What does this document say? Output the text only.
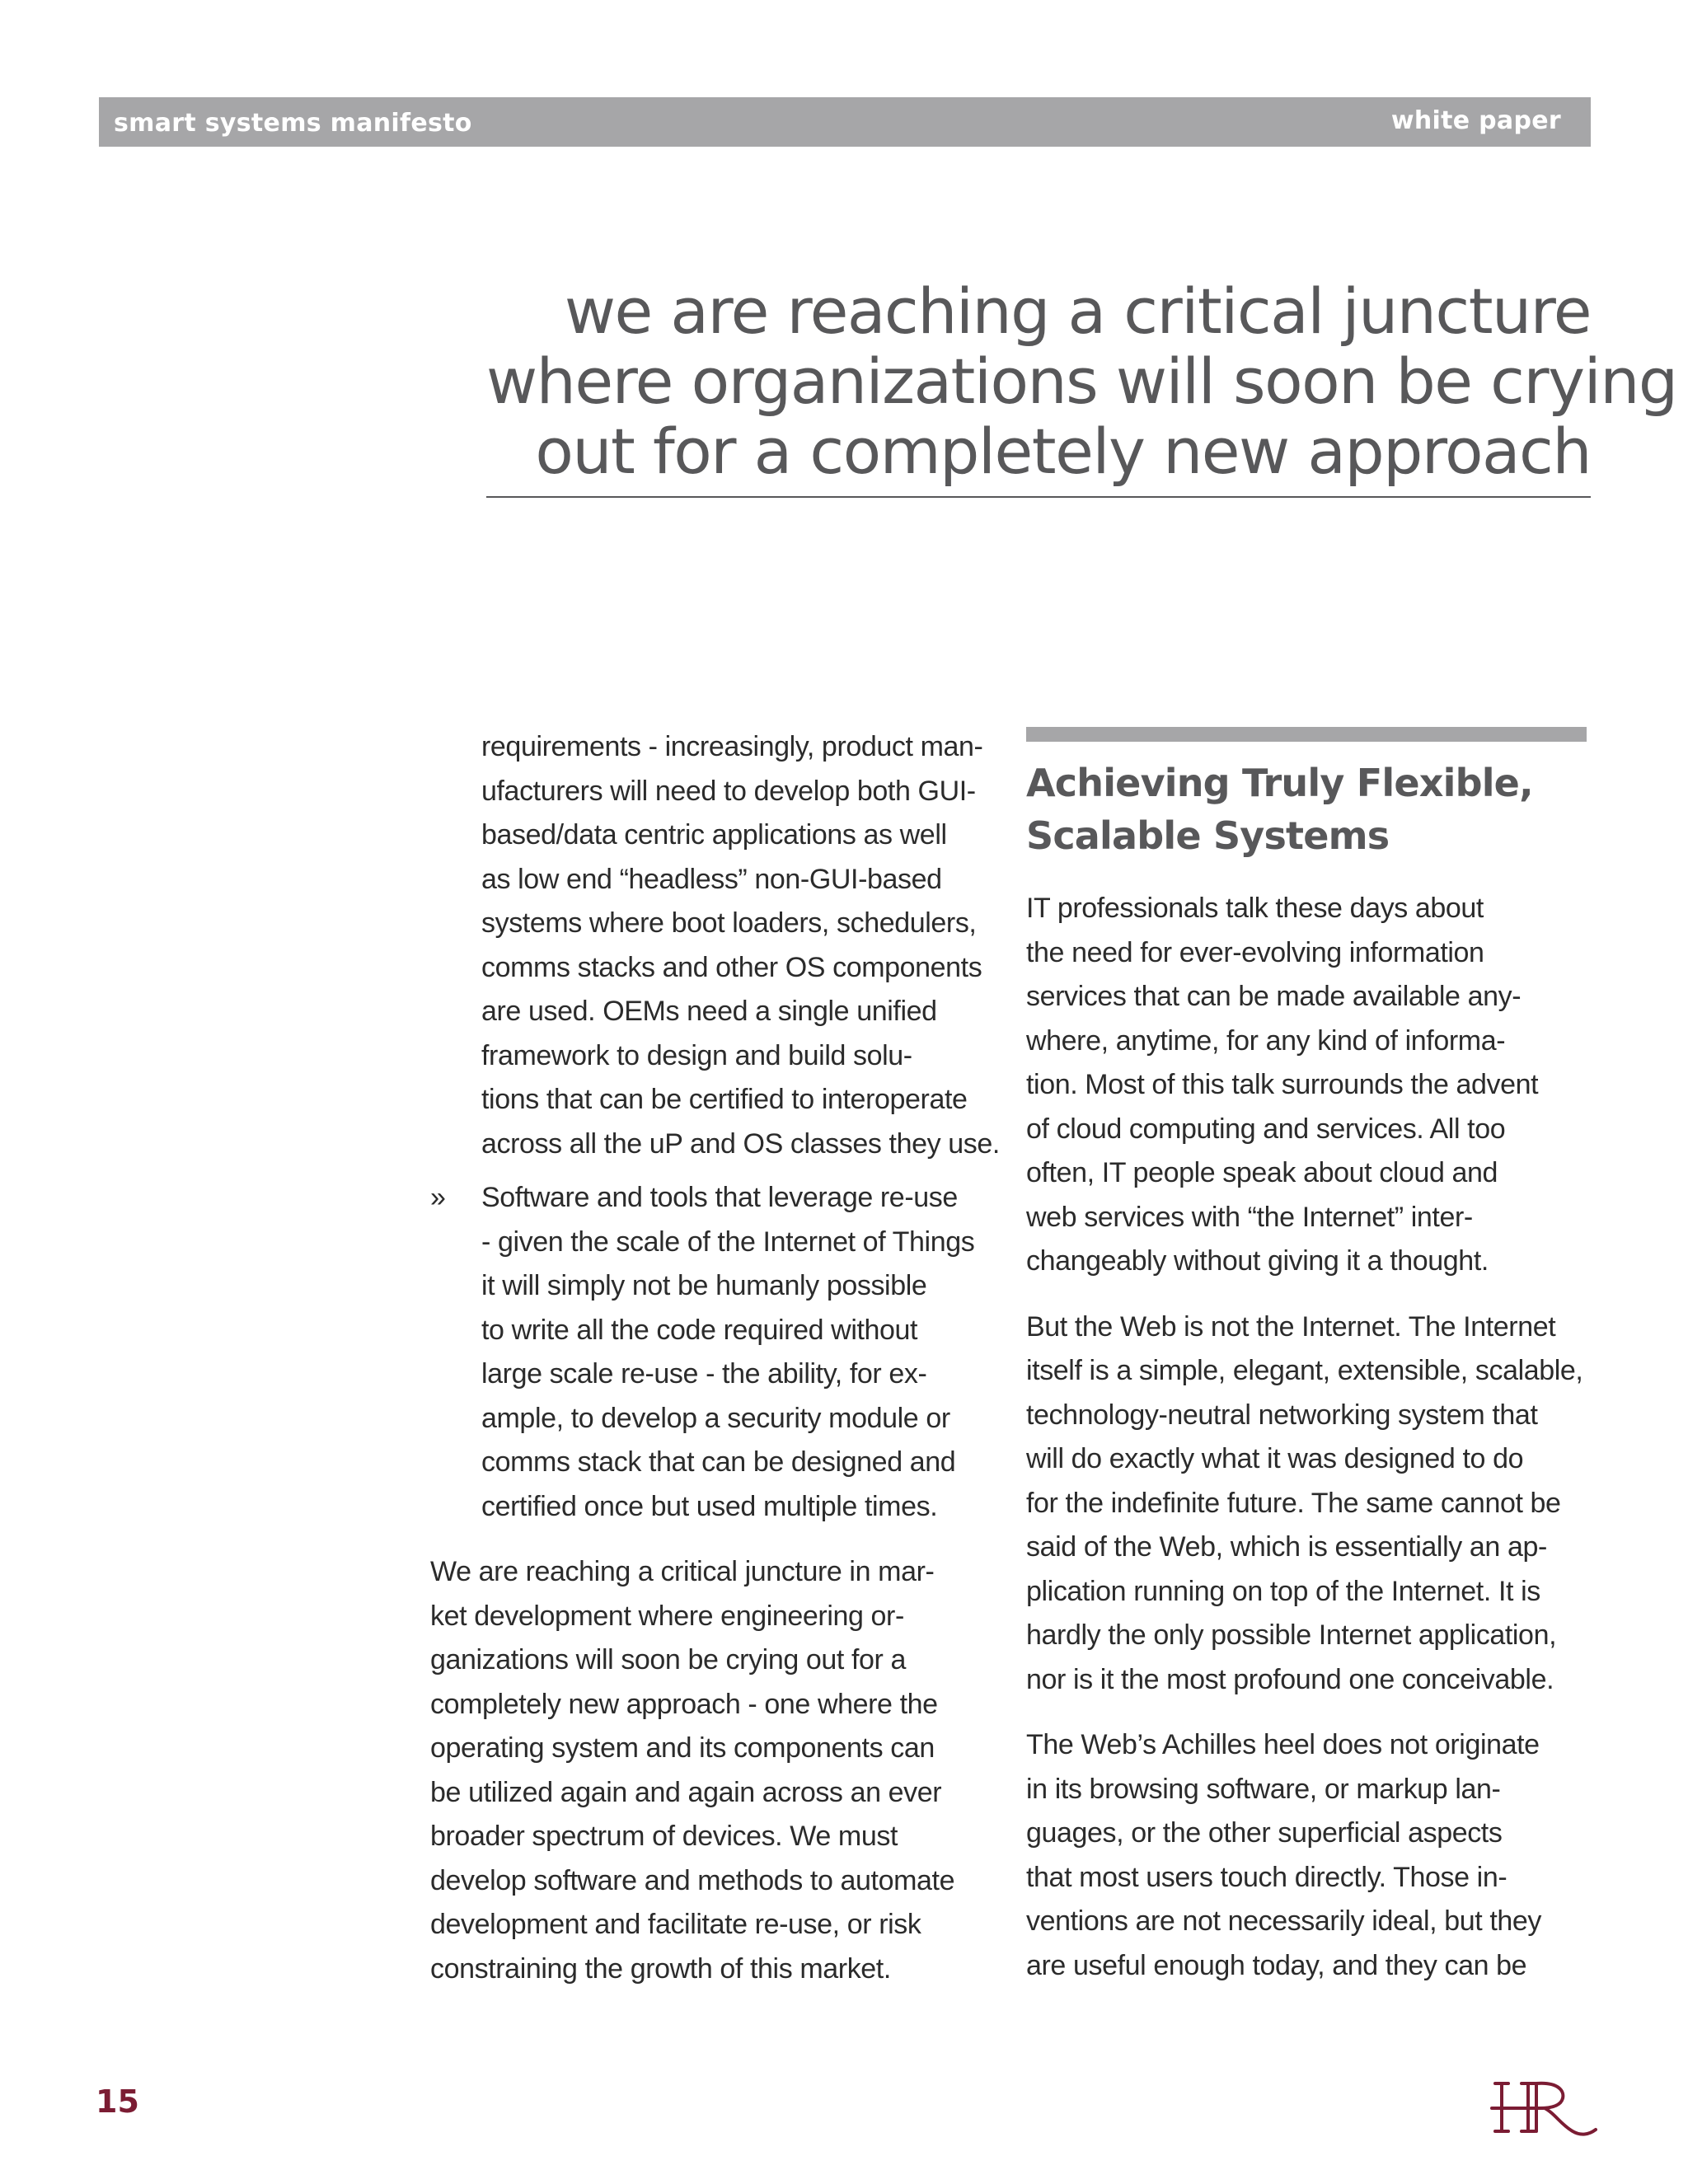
smart systems manifesto	white paper
we are reaching a critical juncture
where organizations will soon be crying
out for a completely new approach
requirements - increasingly, product man-
ufacturers will need to develop both GUI-
based/data centric applications as well
as low end “headless” non-GUI-based
systems where boot loaders, schedulers,
comms stacks and other OS components
are used. OEMs need a single unified
framework to design and build solu-
tions that can be certified to interoperate
across all the uP and OS classes they use.
»	Software and tools that leverage re-use
- given the scale of the Internet of Things
it will simply not be humanly possible
to write all the code required without
large scale re-use - the ability, for ex-
ample, to develop a security module or
comms stack that can be designed and
certified once but used multiple times.
We are reaching a critical juncture in mar-
ket development where engineering or-
ganizations will soon be crying out for a
completely new approach - one where the
operating system and its components can
be utilized again and again across an ever
broader spectrum of devices. We must
develop software and methods to automate
development and facilitate re-use, or risk
constraining the growth of this market.
Achieving Truly Flexible,
Scalable Systems
IT professionals talk these days about
the need for ever-evolving information
services that can be made available any-
where, anytime, for any kind of informa-
tion. Most of this talk surrounds the advent
of cloud computing and services. All too
often, IT people speak about cloud and
web services with “the Internet” inter-
changeably without giving it a thought.
But the Web is not the Internet. The Internet
itself is a simple, elegant, extensible, scalable,
technology-neutral networking system that
will do exactly what it was designed to do
for the indefinite future. The same cannot be
said of the Web, which is essentially an ap-
plication running on top of the Internet. It is
hardly the only possible Internet application,
nor is it the most profound one conceivable.
The Web’s Achilles heel does not originate
in its browsing software, or markup lan-
guages, or the other superficial aspects
that most users touch directly. Those in-
ventions are not necessarily ideal, but they
are useful enough today, and they can be
15
